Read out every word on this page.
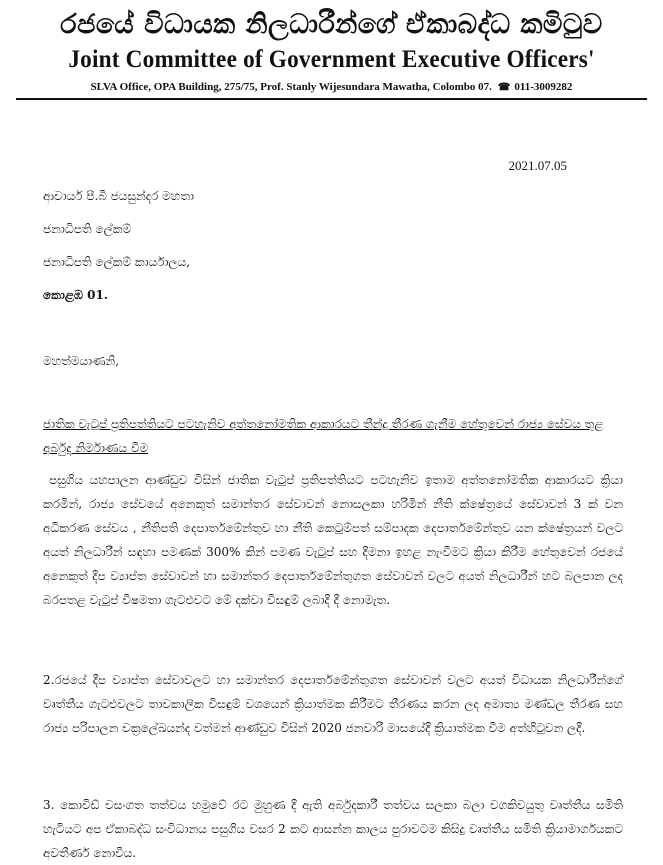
රජයේ විධායක නිලධාරීන්ගේ ඒකාබද්ධ කමිටුව
Joint Committee of Government Executive Officers'
SLVA Office, OPA Building, 275/75, Prof. Stanly Wijesundara Mawatha, Colombo 07. ☎ 011-3009282
2021.07.05
ආචාර්ය පී.බී ජයසුන්දර මහතා
ජනාධිපති ලේකම්
ජනාධිපති ලේකම් කාර්යාලය,
කොළඹ 01.
මහත්මයාණනි,
ජාතික වැටුප් ප්‍රතිපත්තියට පටහැනිව අත්තනෝමතික ආකාරයට තීන්දු තීරණ ගැනීම හේතුවෙන් රාජ්‍ය සේවය තුළ අර්බුද නිර්මාණය වීම
පසුගිය යහපාලන ආණ්ඩුව විසින් ජාතික වැටුප් ප්‍රතිපත්තියට පටහැනිව ඉතාම අත්තනෝමතික ආකාරයට ක්‍රියා කරමින්, රාජ්‍ය සේවයේ අනෙකුත් සමාන්තර සේවාවන් නොසලකා හරිමින් නීති ක්ෂේත්‍රයේ සේවාවන් 3 ක් වන අධිකරණ සේවය , නීතිපති දෙපාර්තමේන්තුව හා නීති කෙටුම්පත් සම්පාදක දෙපාර්තමේන්තුව යන ක්ෂේත්‍රයන් වලට අයත් නිලධාරීන් සඳහා පමණක් 300% කින් පමණ වැටුප් සහ දීමනා ඉහළ නැංවීමට ක්‍රියා කිරීම හේතුවෙන් රජයේ අනෙකුත් දීප ව්‍යාප්ත සේවාවන් හා සමාන්තර දෙපාර්තමේන්තුගත සේවාවන් වලට අයත් නිලධාරීන් හට බලපාන ලද බරපතළ වැටුප් විෂමතා ගැටළුවට මේ දක්වා විසඳුම් ලබාදී දී නොමැත.
2.රජයේ දීප ව්‍යාප්ත සේවාවලට හා සමාන්තර දෙපාර්තමේන්තුගත සේවාවන් වලට අයත් විධායක නිලධාරීන්ගේ වෘත්තීය ගැටළුවලට තාවකාලික විසඳුම් වශයෙන් ක්‍රියාත්මක කිරීමට තීරණය කරන ලද අමාත්‍ය මණ්ඩල තීරණ සහ රාජ්‍ය පරිපාලන චක්‍රලේඛයන්ද වත්මන් ආණ්ඩුව විසින් 2020 ජනවාරි මාසයේදී ක්‍රියාත්මක වීම අත්හිටුවන ලදී.
3. කොවිඩ් වසංගත තත්වය හමුවේ රට මුහුණ දී ඇති අර්බුදකාරී තත්වය සලකා බලා වගකිවයුතු වෘත්තීය සමිති හැටියට අප ඒකාබද්ධ සංවිධානය පසුගිය වසර 2 කට ආසන්න කාලය පුරාවටම කිසිදු වෘත්තීය සමිති ක්‍රියාමාර්ගයකට අවතීර්ණ නොවීය.
